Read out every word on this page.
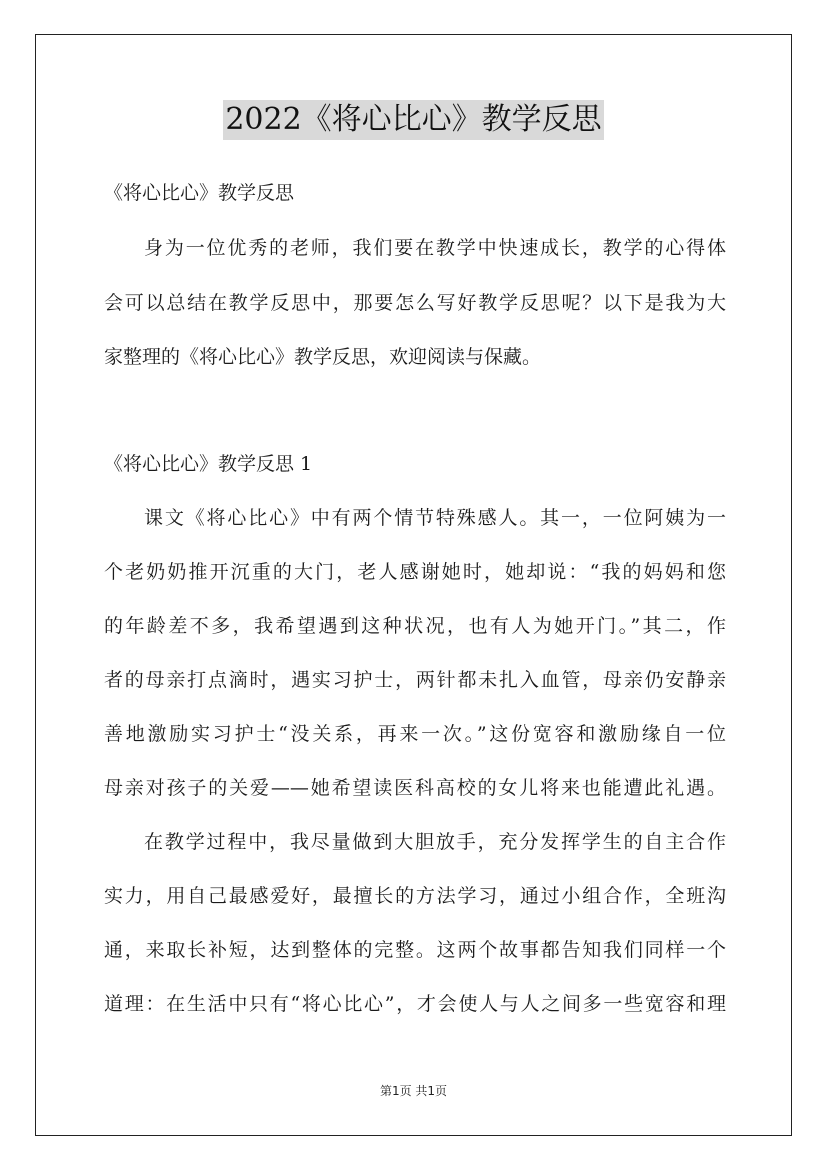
2022《将心比心》教学反思
《将心比心》教学反思
身为一位优秀的老师，我们要在教学中快速成长，教学的心得体
会可以总结在教学反思中，那要怎么写好教学反思呢？以下是我为大
家整理的《将心比心》教学反思，欢迎阅读与保藏。
《将心比心》教学反思 1
课文《将心比心》中有两个情节特殊感人。其一，一位阿姨为一
个老奶奶推开沉重的大门，老人感谢她时，她却说：“我的妈妈和您
的年龄差不多，我希望遇到这种状况，也有人为她开门。”其二，作
者的母亲打点滴时，遇实习护士，两针都未扎入血管，母亲仍安静亲
善地激励实习护士“没关系，再来一次。”这份宽容和激励缘自一位
母亲对孩子的关爱——她希望读医科高校的女儿将来也能遭此礼遇。
在教学过程中，我尽量做到大胆放手，充分发挥学生的自主合作
实力，用自己最感爱好，最擅长的方法学习，通过小组合作，全班沟
通，来取长补短，达到整体的完整。这两个故事都告知我们同样一个
道理：在生活中只有“将心比心”，才会使人与人之间多一些宽容和理
第1页 共1页
